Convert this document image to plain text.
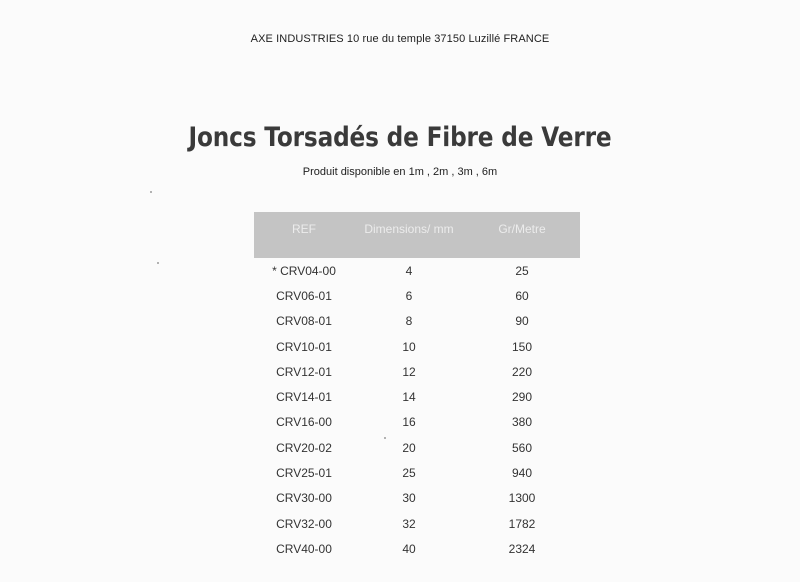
AXE INDUSTRIES 10 rue du temple 37150 Luzillé FRANCE
Joncs Torsadés de Fibre de Verre
Produit disponible en 1m , 2m , 3m , 6m
REF	Dimensions/ mm	Gr/Metre

* CRV04-00	4	25
CRV06-01	6	60
CRV08-01	8	90
CRV10-01	10	150
CRV12-01	12	220
CRV14-01	14	290
CRV16-00	16	380
CRV20-02	20	560
CRV25-01	25	940
CRV30-00	30	1300
CRV32-00	32	1782
CRV40-00	40	2324
